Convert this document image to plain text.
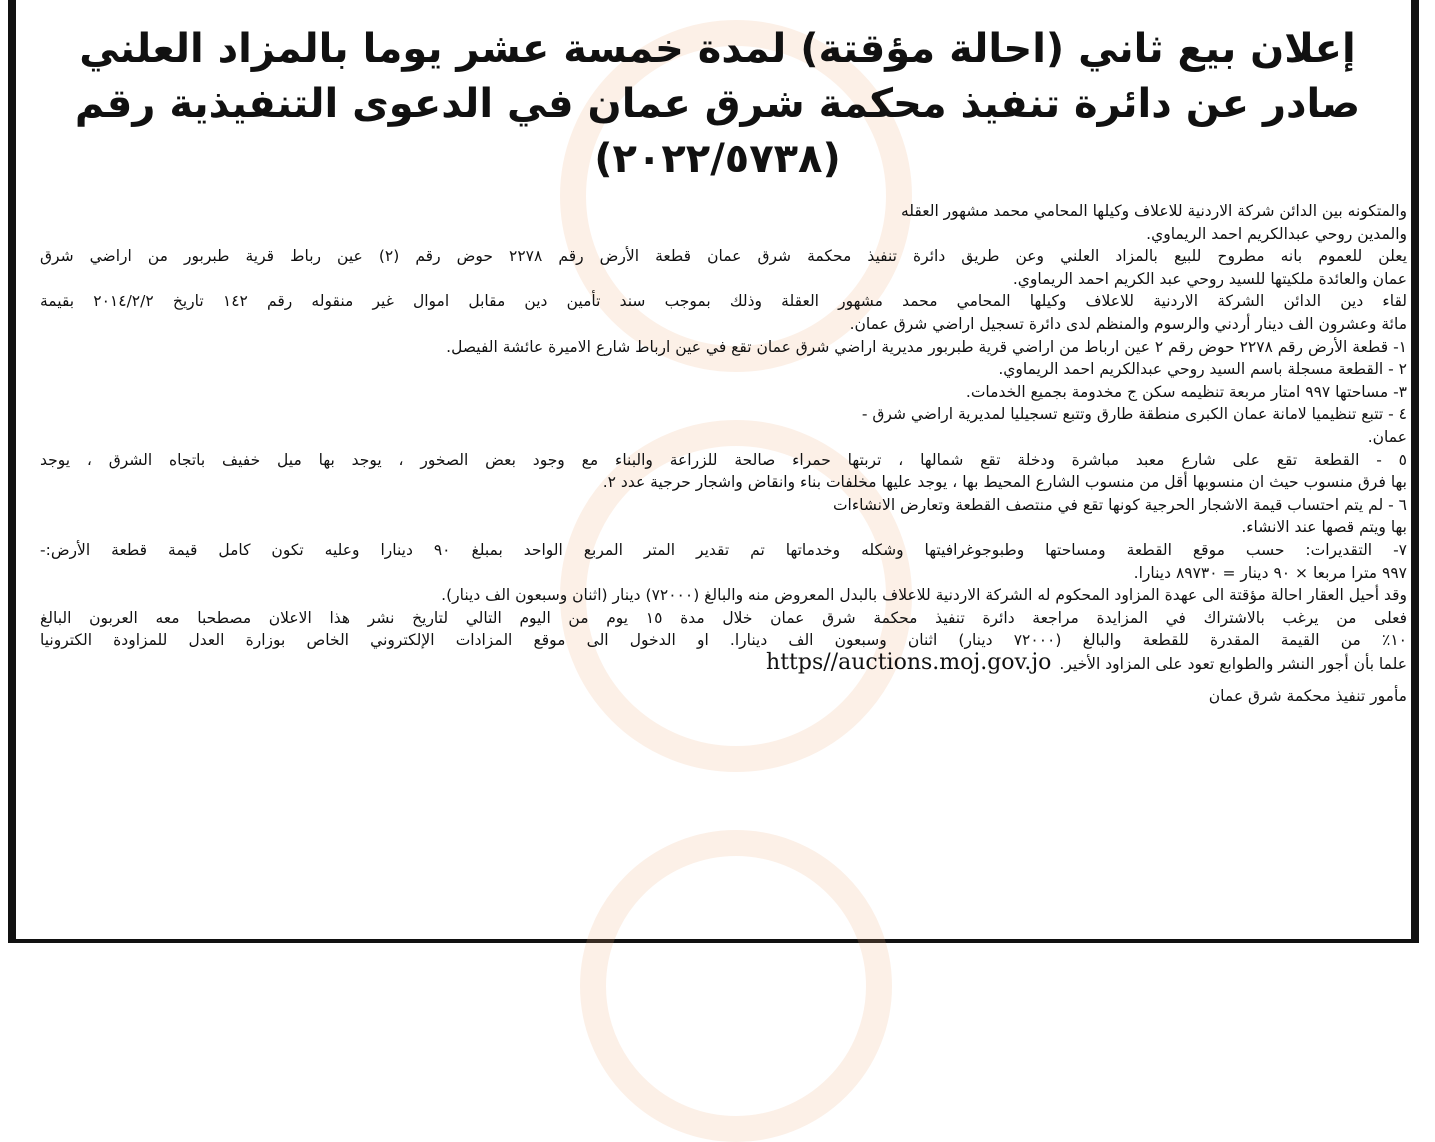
إعلان بيع ثاني (احالة مؤقتة) لمدة خمسة عشر يوما بالمزاد العلني
صادر عن دائرة تنفيذ محكمة شرق عمان في الدعوى التنفيذية رقم
(٢٠٢٢/٥٧٣٨)
والمتكونه بين الدائن شركة الاردنية للاعلاف وكيلها المحامي محمد مشهور العقله
والمدين روحي عبدالكريم احمد الريماوي.
يعلن للعموم بانه مطروح للبيع بالمزاد العلني وعن طريق دائرة تنفيذ محكمة شرق عمان قطعة الأرض رقم ٢٢٧٨ حوض رقم (٢) عين رباط قرية طبربور من اراضي شرق
عمان والعائدة ملكيتها للسيد روحي عبد الكريم احمد الريماوي.
لقاء دين الدائن الشركة الاردنية للاعلاف وكيلها المحامي محمد مشهور العقلة وذلك بموجب سند تأمين دين مقابل اموال غير منقوله رقم ١٤٢ تاريخ ٢٠١٤/٢/٢ بقيمة
مائة وعشرون الف دينار أردني والرسوم والمنظم لدى دائرة تسجيل اراضي شرق عمان.
١- قطعة الأرض رقم ٢٢٧٨ حوض رقم ٢ عين ارباط من اراضي قرية طبربور مديرية اراضي شرق عمان تقع في عين ارباط شارع الاميرة عائشة الفيصل.
٢ - القطعة مسجلة باسم السيد روحي عبدالكريم احمد الريماوي.
٣- مساحتها ٩٩٧ امتار مربعة تنظيمه سكن ج مخدومة بجميع الخدمات.
٤ - تتبع تنظيميا لامانة عمان الكبرى منطقة طارق وتتبع تسجيليا لمديرية اراضي شرق -
عمان.
٥ - القطعة تقع على شارع معبد مباشرة ودخلة تقع شمالها ، تربتها حمراء صالحة للزراعة والبناء مع وجود بعض الصخور ، يوجد بها ميل خفيف باتجاه الشرق ، يوجد
بها فرق منسوب حيث ان منسوبها أقل من منسوب الشارع المحيط بها ، يوجد عليها مخلفات بناء وانقاض واشجار حرجية عدد ٢.
٦ - لم يتم احتساب قيمة الاشجار الحرجية كونها تقع في منتصف القطعة وتعارض الانشاءات
بها ويتم قصها عند الانشاء.
٧- التقديرات: حسب موقع القطعة ومساحتها وطبوجوغرافيتها وشكله وخدماتها تم تقدير المتر المربع الواحد بمبلغ ٩٠ دينارا وعليه تكون كامل قيمة قطعة الأرض:-
٩٩٧ مترا مربعا × ٩٠ دينار = ٨٩٧٣٠ دينارا.
وقد أحيل العقار احالة مؤقتة الى عهدة المزاود المحكوم له الشركة الاردنية للاعلاف بالبدل المعروض منه والبالغ (٧٢٠٠٠) دينار (اثنان وسبعون الف دينار).
فعلى من يرغب بالاشتراك في المزايدة مراجعة دائرة تنفيذ محكمة شرق عمان خلال مدة ١٥ يوم من اليوم التالي لتاريخ نشر هذا الاعلان مصطحبا معه العربون البالغ
١٠٪ من القيمة المقدرة للقطعة والبالغ (٧٢٠٠٠ دينار) اثنان وسبعون الف دينارا. او الدخول الى موقع المزادات الإلكتروني الخاص بوزارة العدل للمزاودة الكترونيا
علما بأن أجور النشر والطوابع تعود على المزاود الأخير.
https//auctions.moj.gov.jo
مأمور تنفيذ محكمة شرق عمان
